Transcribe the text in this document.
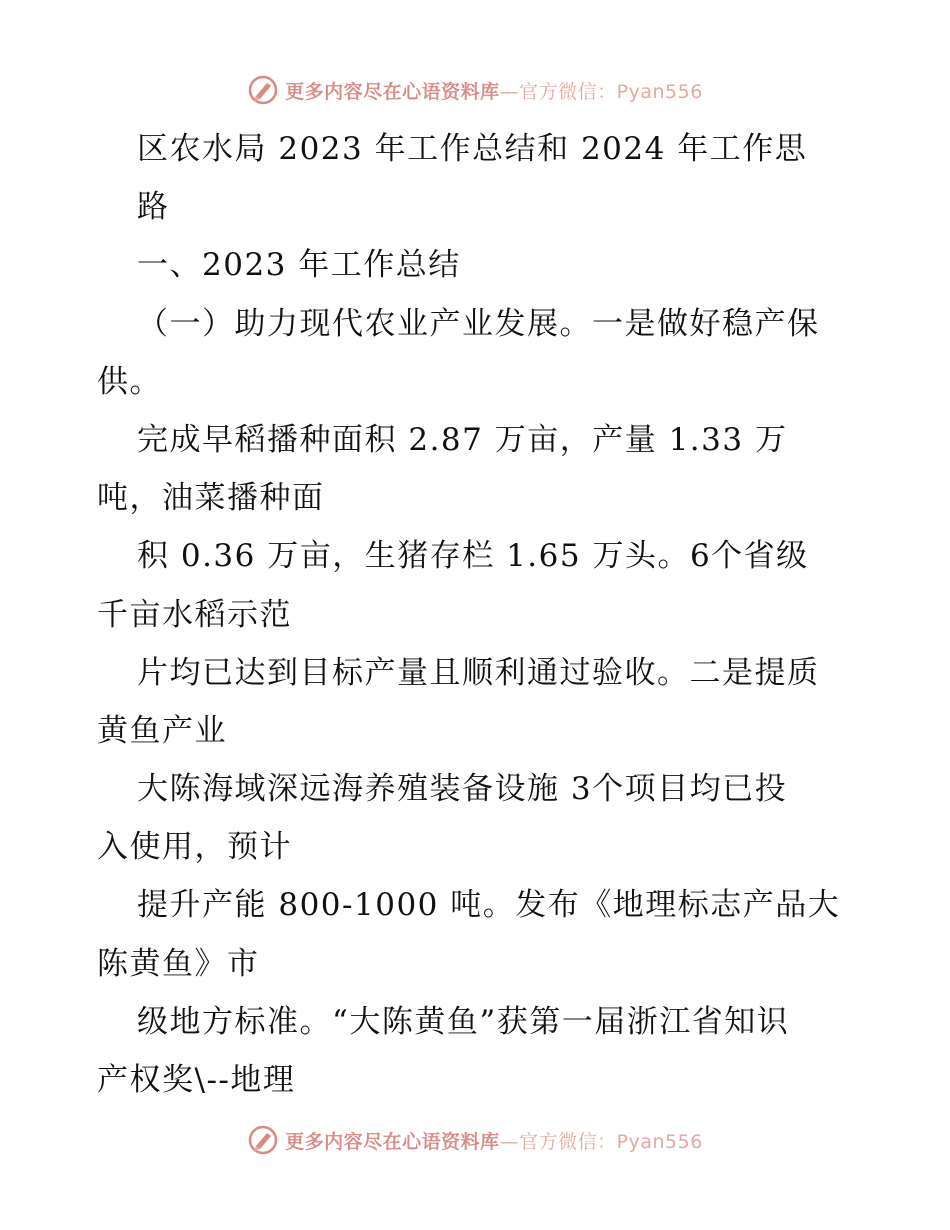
更多内容尽在心语资料库—官方微信：Pyan556
区农水局 2023 年工作总结和 2024 年工作思
路
一、2023 年工作总结
（一）助力现代农业产业发展。一是做好稳产保
供。
完成早稻播种面积 2.87 万亩，产量 1.33 万
吨，油菜播种面
积 0.36 万亩，生猪存栏 1.65 万头。6个省级
千亩水稻示范
片均已达到目标产量且顺利通过验收。二是提质
黄鱼产业
大陈海域深远海养殖装备设施 3个项目均已投
入使用，预计
提升产能 800-1000 吨。发布《地理标志产品大
陈黄鱼》市
级地方标准。“大陈黄鱼”获第一届浙江省知识
产权奖\--地理
更多内容尽在心语资料库—官方微信：Pyan556
